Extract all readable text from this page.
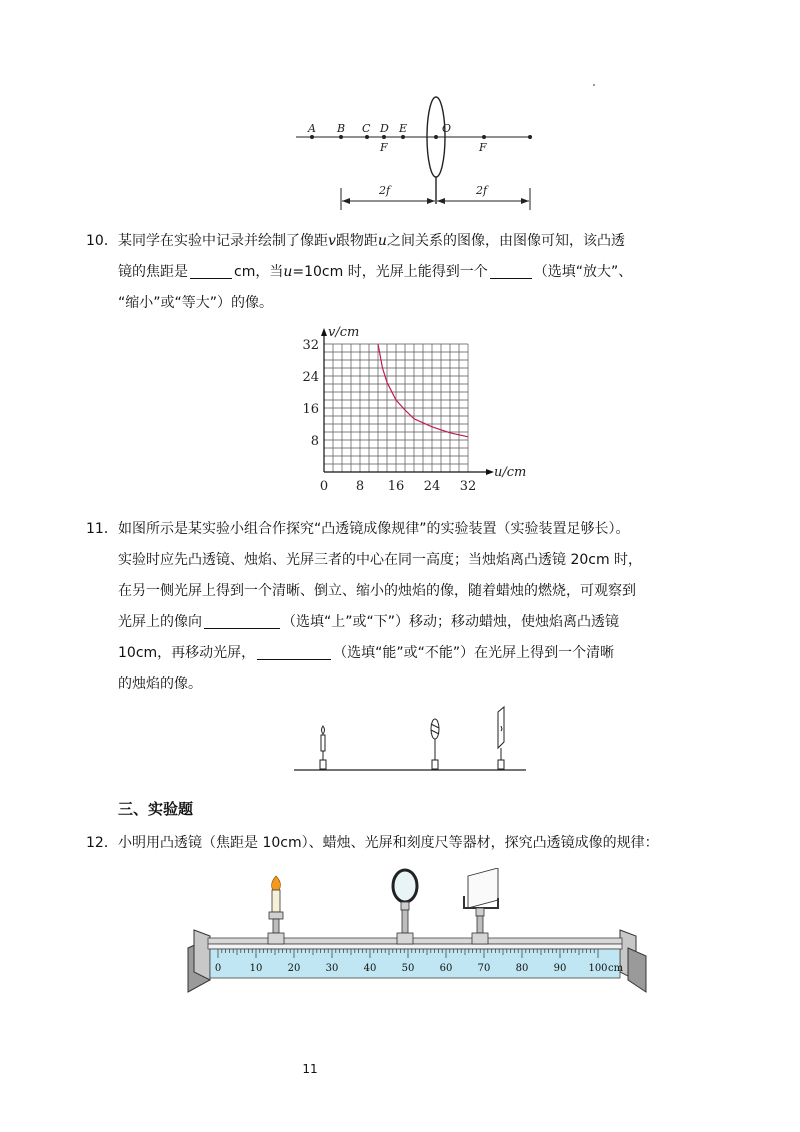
A B C D E	O
F	F
2f	2f

10．某同学在实验中记录并绘制了像距v跟物距u之间关系的图像，由图像可知，该凸透

镜的焦距是	cm，当u=10cm 时，光屏上能得到一个	（选填“放大”、

“缩小”或“等大”）的像。

0 8 16 24 32
8
16
24
32
v/cm
u/cm

11．如图所示是某实验小组合作探究“凸透镜成像规律”的实验装置（实验装置足够长）。

实验时应先凸透镜、烛焰、光屏三者的中心在同一高度；当烛焰离凸透镜 20cm 时，

在另一侧光屏上得到一个清晰、倒立、缩小的烛焰的像，随着蜡烛的燃烧，可观察到

光屏上的像向	（选填“上”或“下”）移动；移动蜡烛，使烛焰离凸透镜

10cm，再移动光屏，	（选填“能”或“不能”）在光屏上得到一个清晰

的烛焰的像。

三、实验题

12．小明用凸透镜（焦距是 10cm）、蜡烛、光屏和刻度尺等器材，探究凸透镜成像的规律：

0	10	20	30	40	50	60	70	80	90 100 cm
11
